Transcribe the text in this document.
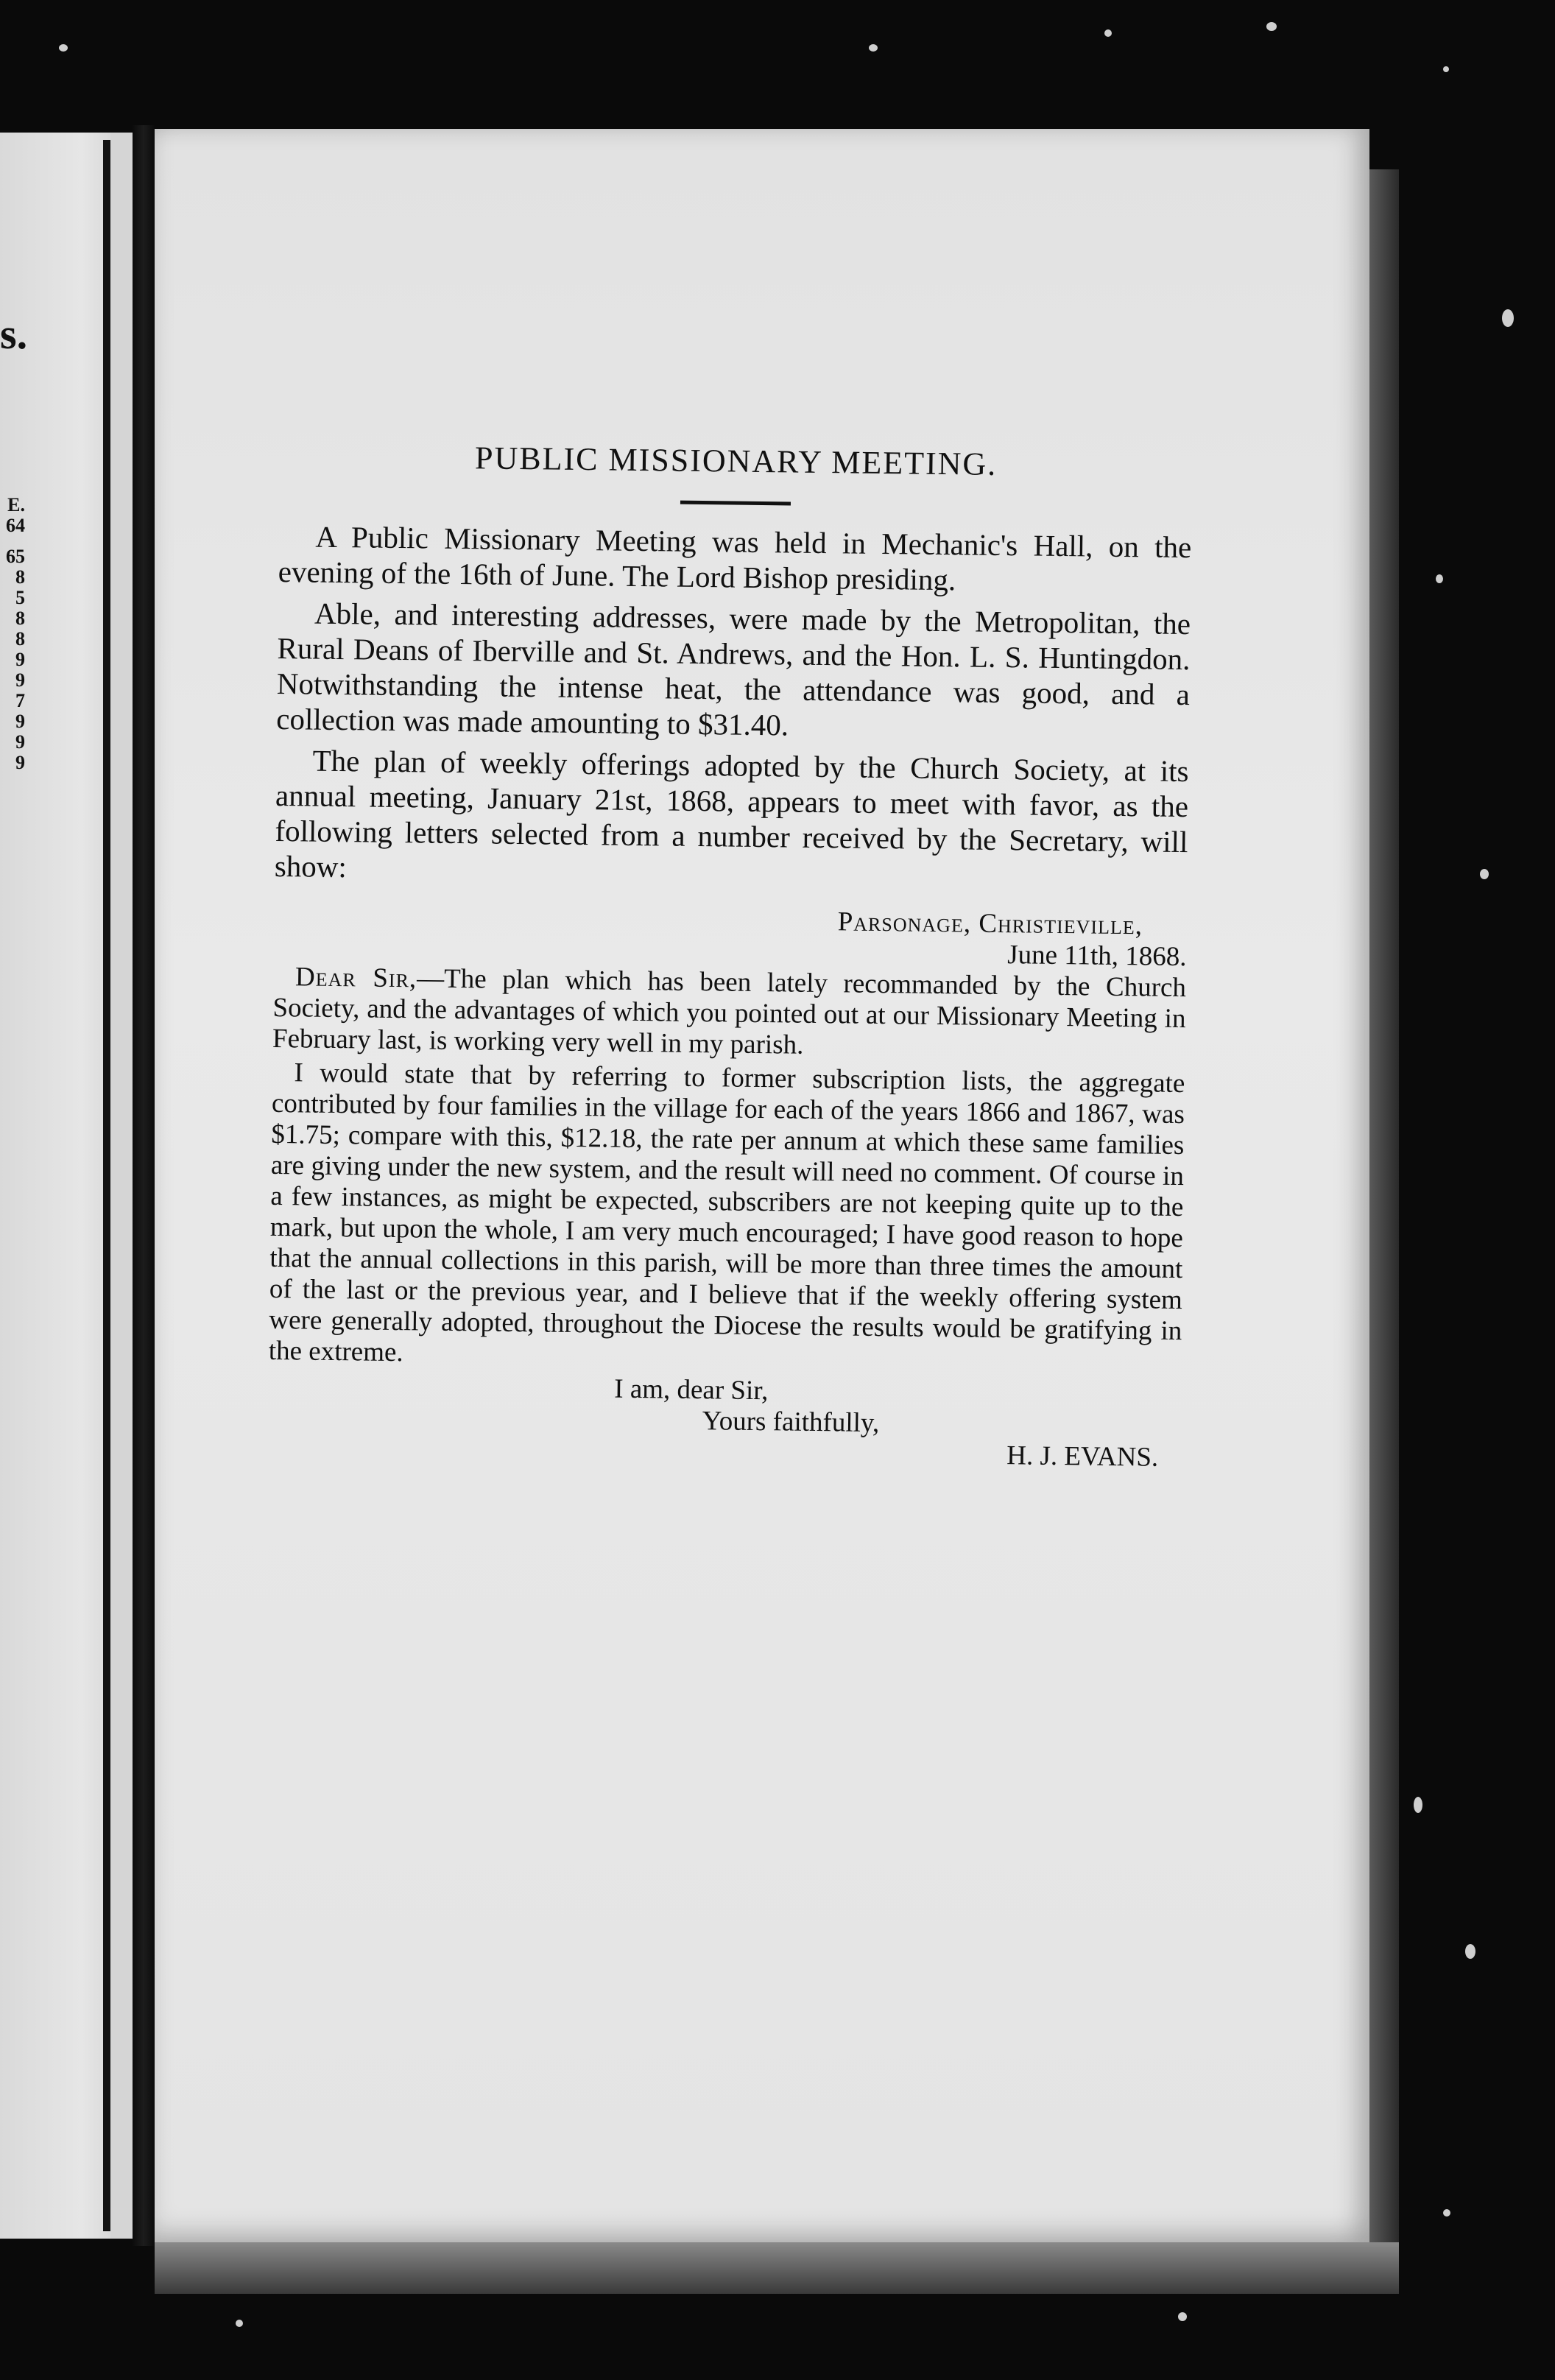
s.
E.
64
65
8
5
8
8
9
9
7
9
9
9
PUBLIC MISSIONARY MEETING.

A Public Missionary Meeting was held in Mechanic's Hall, on the evening of the 16th of June. The Lord Bishop presiding.

Able, and interesting addresses, were made by the Metropolitan, the Rural Deans of Iberville and St. Andrews, and the Hon. L. S. Huntingdon. Notwithstanding the intense heat, the attendance was good, and a collection was made amounting to $31.40.

The plan of weekly offerings adopted by the Church Society, at its annual meeting, January 21st, 1868, appears to meet with favor, as the following letters selected from a number received by the Secretary, will show:

Parsonage, Christieville,

June 11th, 1868.

Dear Sir,—The plan which has been lately recommanded by the Church Society, and the advantages of which you pointed out at our Missionary Meeting in February last, is working very well in my parish.

I would state that by referring to former subscription lists, the aggregate contributed by four families in the village for each of the years 1866 and 1867, was $1.75; compare with this, $12.18, the rate per annum at which these same families are giving under the new system, and the result will need no comment. Of course in a few instances, as might be expected, subscribers are not keeping quite up to the mark, but upon the whole, I am very much encouraged; I have good reason to hope that the annual collections in this parish, will be more than three times the amount of the last or the previous year, and I believe that if the weekly offering system were generally adopted, throughout the Diocese the results would be gratifying in the extreme.

I am, dear Sir,

Yours faithfully,

H. J. EVANS.
